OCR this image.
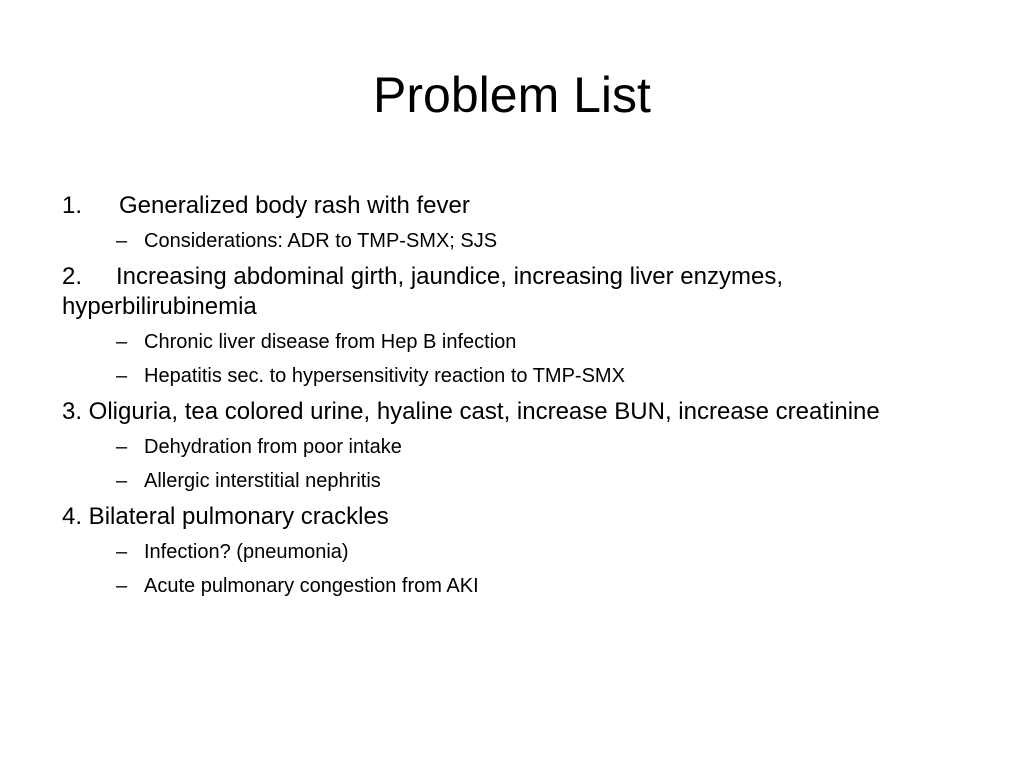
Problem List

1. Generalized body rash with fever

– Considerations: ADR to TMP-SMX; SJS

2. Increasing abdominal girth, jaundice, increasing liver enzymes, hyperbilirubinemia

– Chronic liver disease from Hep B infection
– Hepatitis sec. to hypersensitivity reaction to TMP-SMX

3. Oliguria, tea colored urine, hyaline cast, increase BUN, increase creatinine

– Dehydration from poor intake
– Allergic interstitial nephritis

4. Bilateral pulmonary crackles

– Infection? (pneumonia)
– Acute pulmonary congestion from AKI
